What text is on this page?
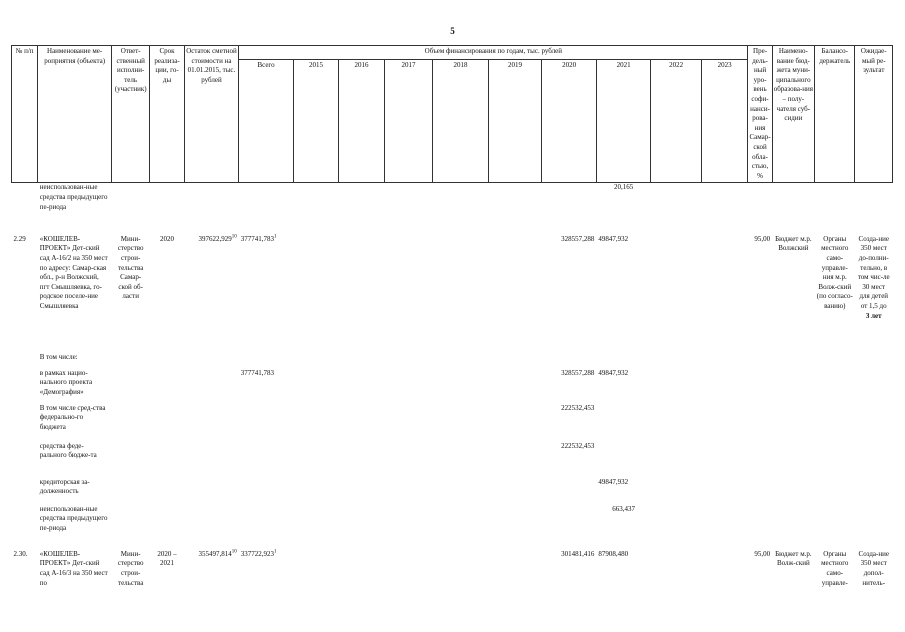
5
№ п/п	Наименование ме-роприятия (объекта)	Ответ-ственный исполни-тель (участник)	Срок реализа-ции, го-ды	Остаток сметной стоимости на 01.01.2015, тыс. рублей	Объем финансирования по годам, тыс. рублей										Пре-дель-ный уро-вень софи-нанси-рова-ния Самар-ской обла-стью, %	Наимено-вание бюд-жета муни-ципального образова-ния – полу-чателя суб-сидии	Балансо-держатель	Ожидае-мый ре-зультат
					Всего	2015	2016	2017	2018	2019	2020	2021	2022	2023				
	неиспользован-ные средства предыдущего пе-риода											20,165						
2.29	«КОШЕЛЕВ-ПРОЕКТ» Дет-ский сад А-16/2 на 350 мест по адресу: Самар-ская обл., р-н Волжский, пгт Смышляевка, го-родское поселе-ние Смышляевка	Мини-стерство строи-тельства Самар-ской об-ласти	2020	397622,929$^{10}$	377741,783$^1$						328557,288	49847,932			95,00	Бюджет м.р. Волжский	Органы местного само-управле-ния м.р. Волж-ский (по согласо-ванию)	Созда-ние 350 мест до-полни-тельно, в том чис-ле 30 мест для детей от 1,5 до
3 лет
	В том числе:																	
	в рамках нацио-нального проекта «Демография»				377741,783						328557,288	49847,932						
	В том числе сред-ства федерально-го бюджета										222532,453							
	средства феде-рального бюдже-та										222532,453							
	кредиторская за-долженность											49847,932						
	неиспользован-ные средства предыдущего пе-риода											663,437						
2.30.	«КОШЕЛЕВ-ПРОЕКТ» Дет-ский сад А-16/3 на 350 мест по	Мини-стерство строи-тельства	2020 – 2021	355497,814$^{10}$	337722,923$^1$						301481,416	87908,480			95,00	Бюджет м.р. Волж-ский	Органы местного само-управле-	Созда-ние 350 мест допол-нитель-
